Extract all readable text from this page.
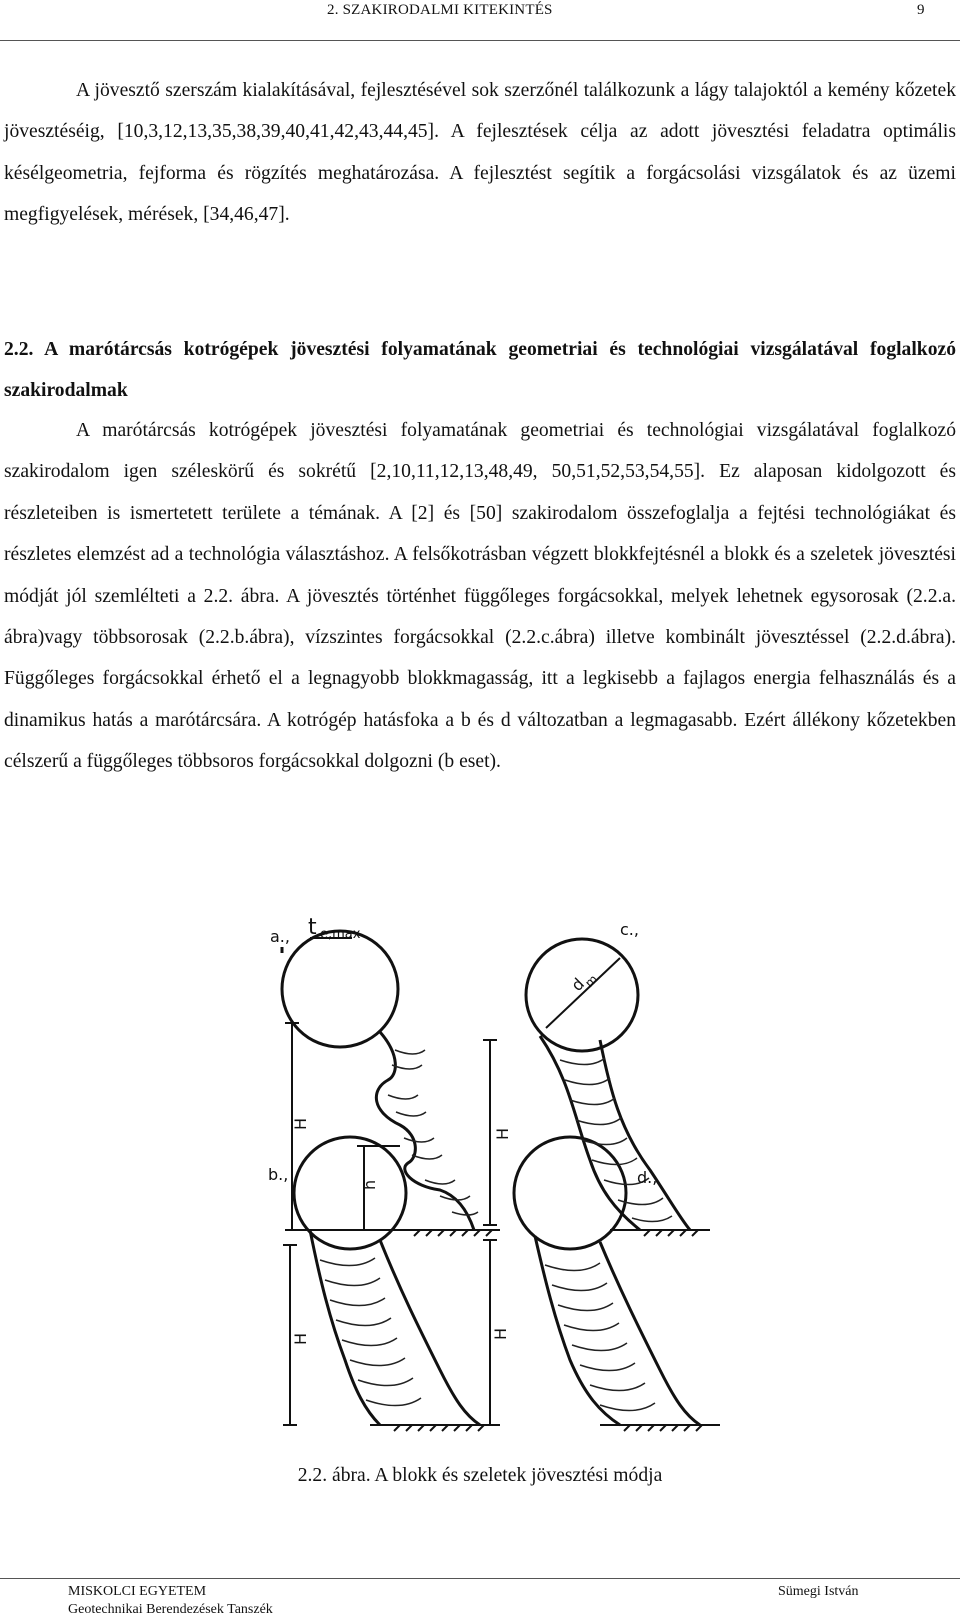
2. SZAKIRODALMI KITEKINTÉS	9

A jövesztő szerszám kialakításával, fejlesztésével sok szerzőnél találkozunk a lágy talajoktól a kemény kőzetek jövesztéséig, [10,3,12,13,35,38,39,40,41,42,43,44,45]. A fejlesztések célja az adott jövesztési feladatra optimális késélgeometria, fejforma és rögzítés meghatározása. A fejlesztést segítik a forgácsolási vizsgálatok és az üzemi megfigyelések, mérések, [34,46,47].

2.2. A marótárcsás kotrógépek jövesztési folyamatának geometriai és technológiai vizsgálatával foglalkozó szakirodalmak

A marótárcsás kotrógépek jövesztési folyamatának geometriai és technológiai vizsgálatával foglalkozó szakirodalom igen széleskörű és sokrétű [2,10,11,12,13,48,49, 50,51,52,53,54,55]. Ez alaposan kidolgozott és részleteiben is ismertetett területe a témának. A [2] és [50] szakirodalom összefoglalja a fejtési technológiákat és részletes elemzést ad a technológia választáshoz. A felsőkotrásban végzett blokkfejtésnél a blokk és a szeletek jövesztési módját jól szemlélteti a 2.2. ábra. A jövesztés történhet függőleges forgácsokkal, melyek lehetnek egysorosak (2.2.a. ábra)vagy többsorosak (2.2.b.ábra), vízszintes forgácsokkal (2.2.c.ábra) illetve kombinált jövesztéssel (2.2.d.ábra). Függőleges forgácsokkal érhető el a legnagyobb blokkmagasság, itt a legkisebb a fajlagos energia felhasználás és a dinamikus hatás a marótárcsára. A kotrógép hatásfoka a b és d változatban a legmagasabb. Ezért állékony kőzetekben célszerű a függőleges többsoros forgácsokkal dolgozni (b eset).

a., t e,max	c.,
b.,	d.,
H
h
H
H	H
d
m
2.2. ábra. A blokk és szeletek jövesztési módja
MISKOLCI EGYETEM
Geotechnikai Berendezések Tanszék
Sümegi István
